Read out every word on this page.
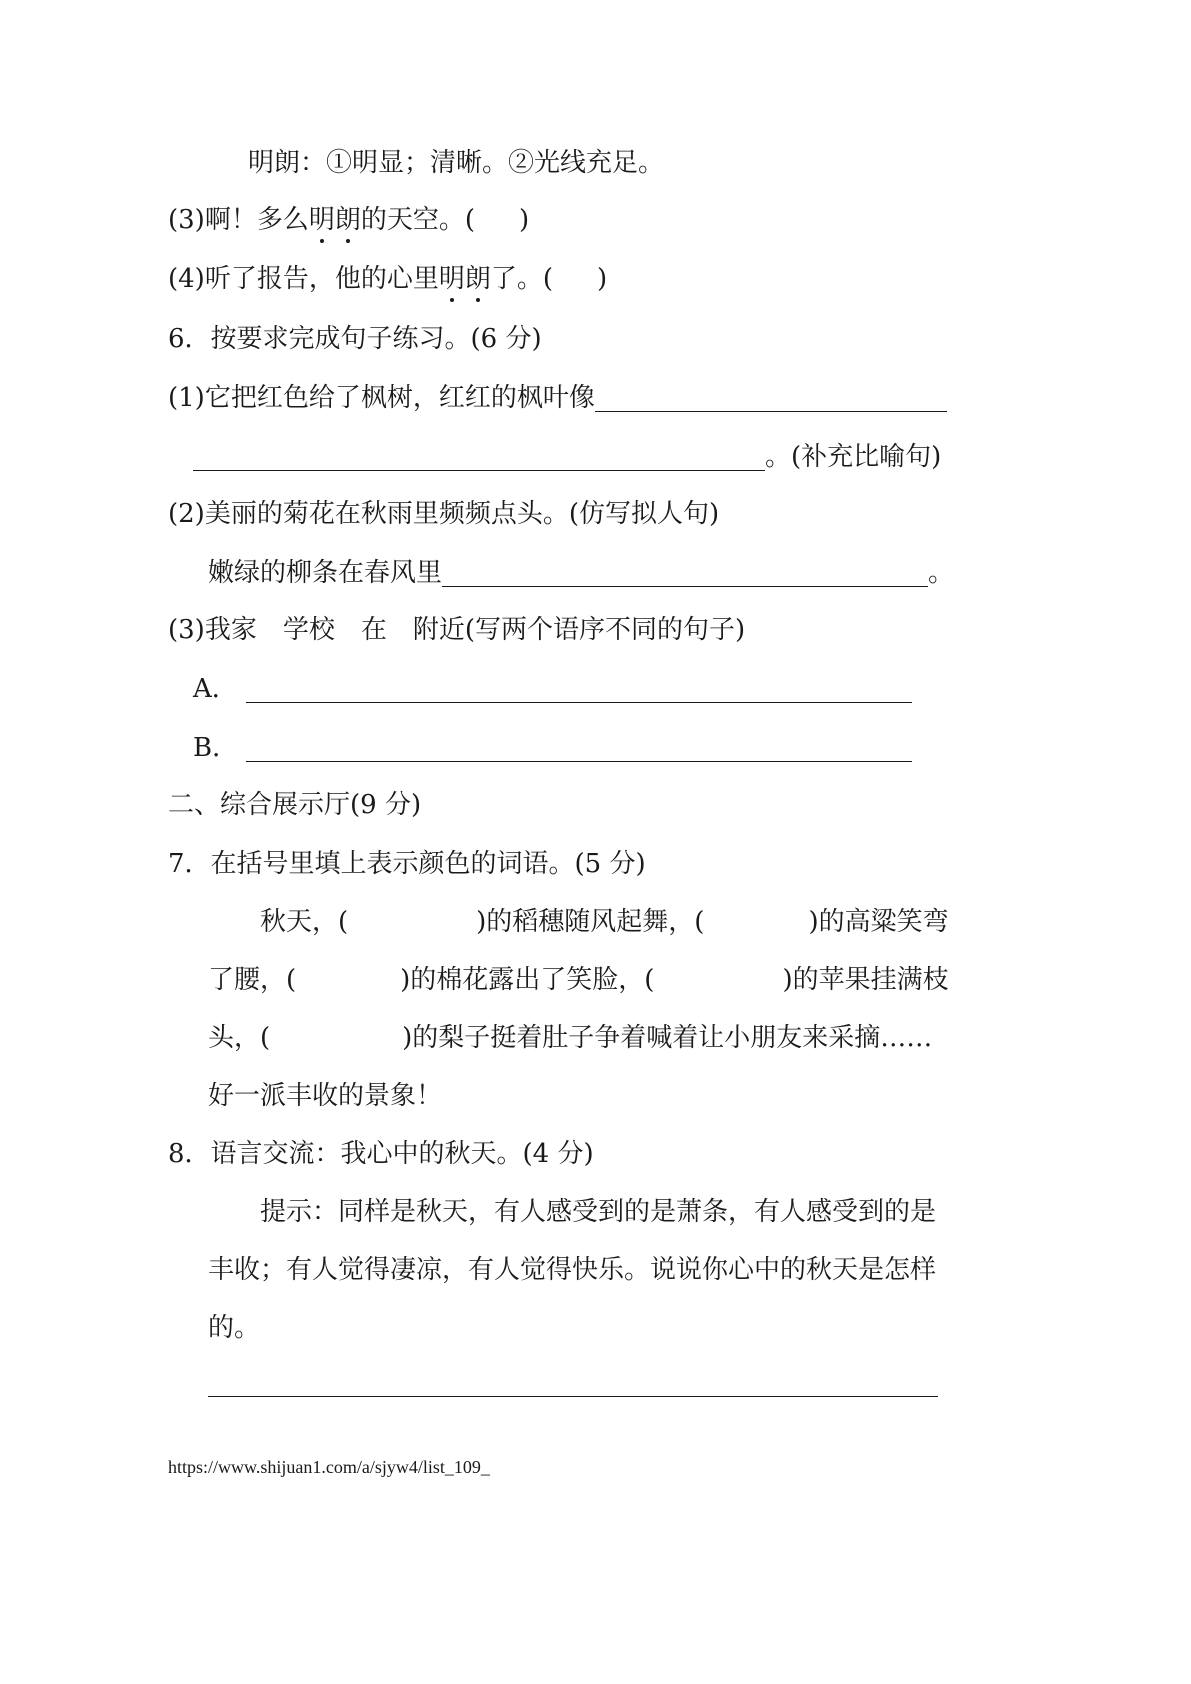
明朗：①明显；清晰。②光线充足。
(3)啊！多么明朗的天空。( )
(4)听了报告，他的心里明朗了。( )
6．按要求完成句子练习。(6 分)
(1)它把红色给了枫树，红红的枫叶像
。(补充比喻句)
(2)美丽的菊花在秋雨里频频点头。(仿写拟人句)
嫩绿的柳条在春风里	。
(3)我家　学校　在　附近(写两个语序不同的句子)
A．
B．
二、综合展示厅(9 分)
7．在括号里填上表示颜色的词语。(5 分)
秋天，(	)的稻穗随风起舞，(	)的高粱笑弯
了腰，(	)的棉花露出了笑脸，(	)的苹果挂满枝
头，(	)的梨子挺着肚子争着喊着让小朋友来采摘……
好一派丰收的景象！
8．语言交流：我心中的秋天。(4 分)
提示：同样是秋天，有人感受到的是萧条，有人感受到的是
丰收；有人觉得凄凉，有人觉得快乐。说说你心中的秋天是怎样
的。
https://www.shijuan1.com/a/sjyw4/list_109_
